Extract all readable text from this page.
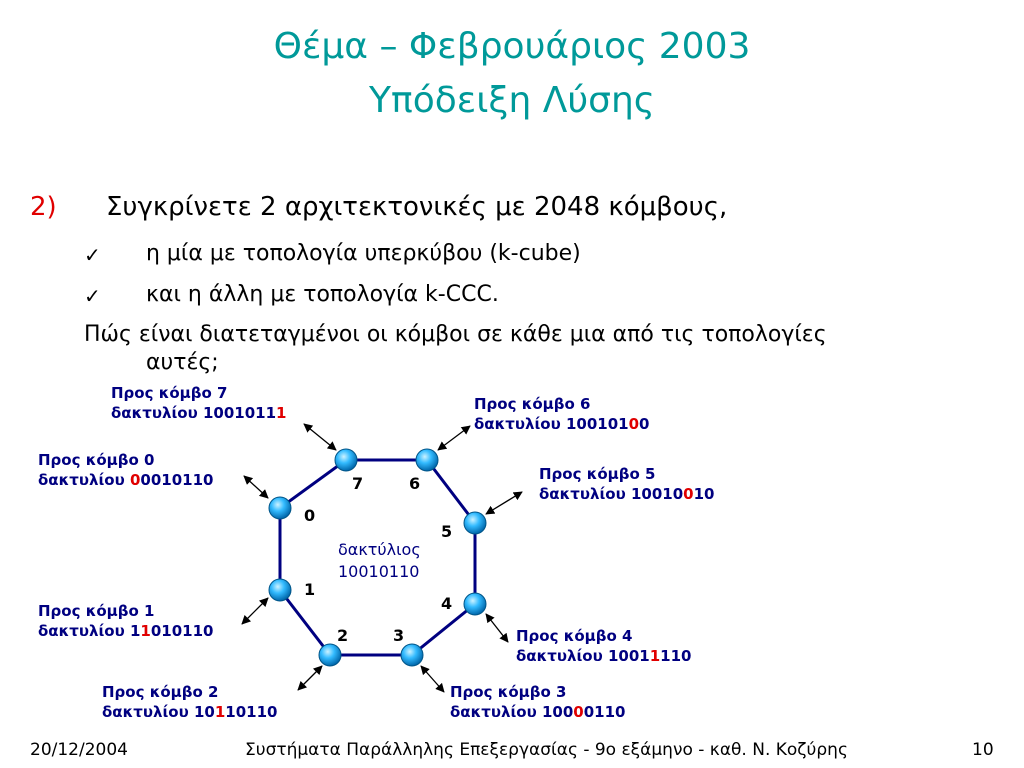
Θέμα – Φεβρουάριος 2003
Υπόδειξη Λύσης
2) Συγκρίνετε 2 αρχιτεκτονικές με 2048 κόμβους,
✓ η μία με τοπολογία υπερκύβου (k-cube)
✓ και η άλλη με τοπολογία k-CCC.
Πώς είναι διατεταγμένοι οι κόμβοι σε κάθε μια από τις τοπολογίες
αυτές;
0
1
2	3
4
5
6
7
δακτύλιος
10010110
Προς κόμβο 0
δακτυλίου 00010110
Προς κόμβο 1
δακτυλίου 11010110
Προς κόμβο 2
δακτυλίου 10110110
Προς κόμβο 3
δακτυλίου 10000110
Προς κόμβο 4
δακτυλίου 10011110
Προς κόμβο 5
δακτυλίου 10010010
Προς κόμβο 6
δακτυλίου 10010100
Προς κόμβο 7
δακτυλίου 10010111
20/12/2004	Συστήματα Παράλληλης Επεξεργασίας - 9ο εξάμηνο - καθ. Ν. Κοζύρης	10
